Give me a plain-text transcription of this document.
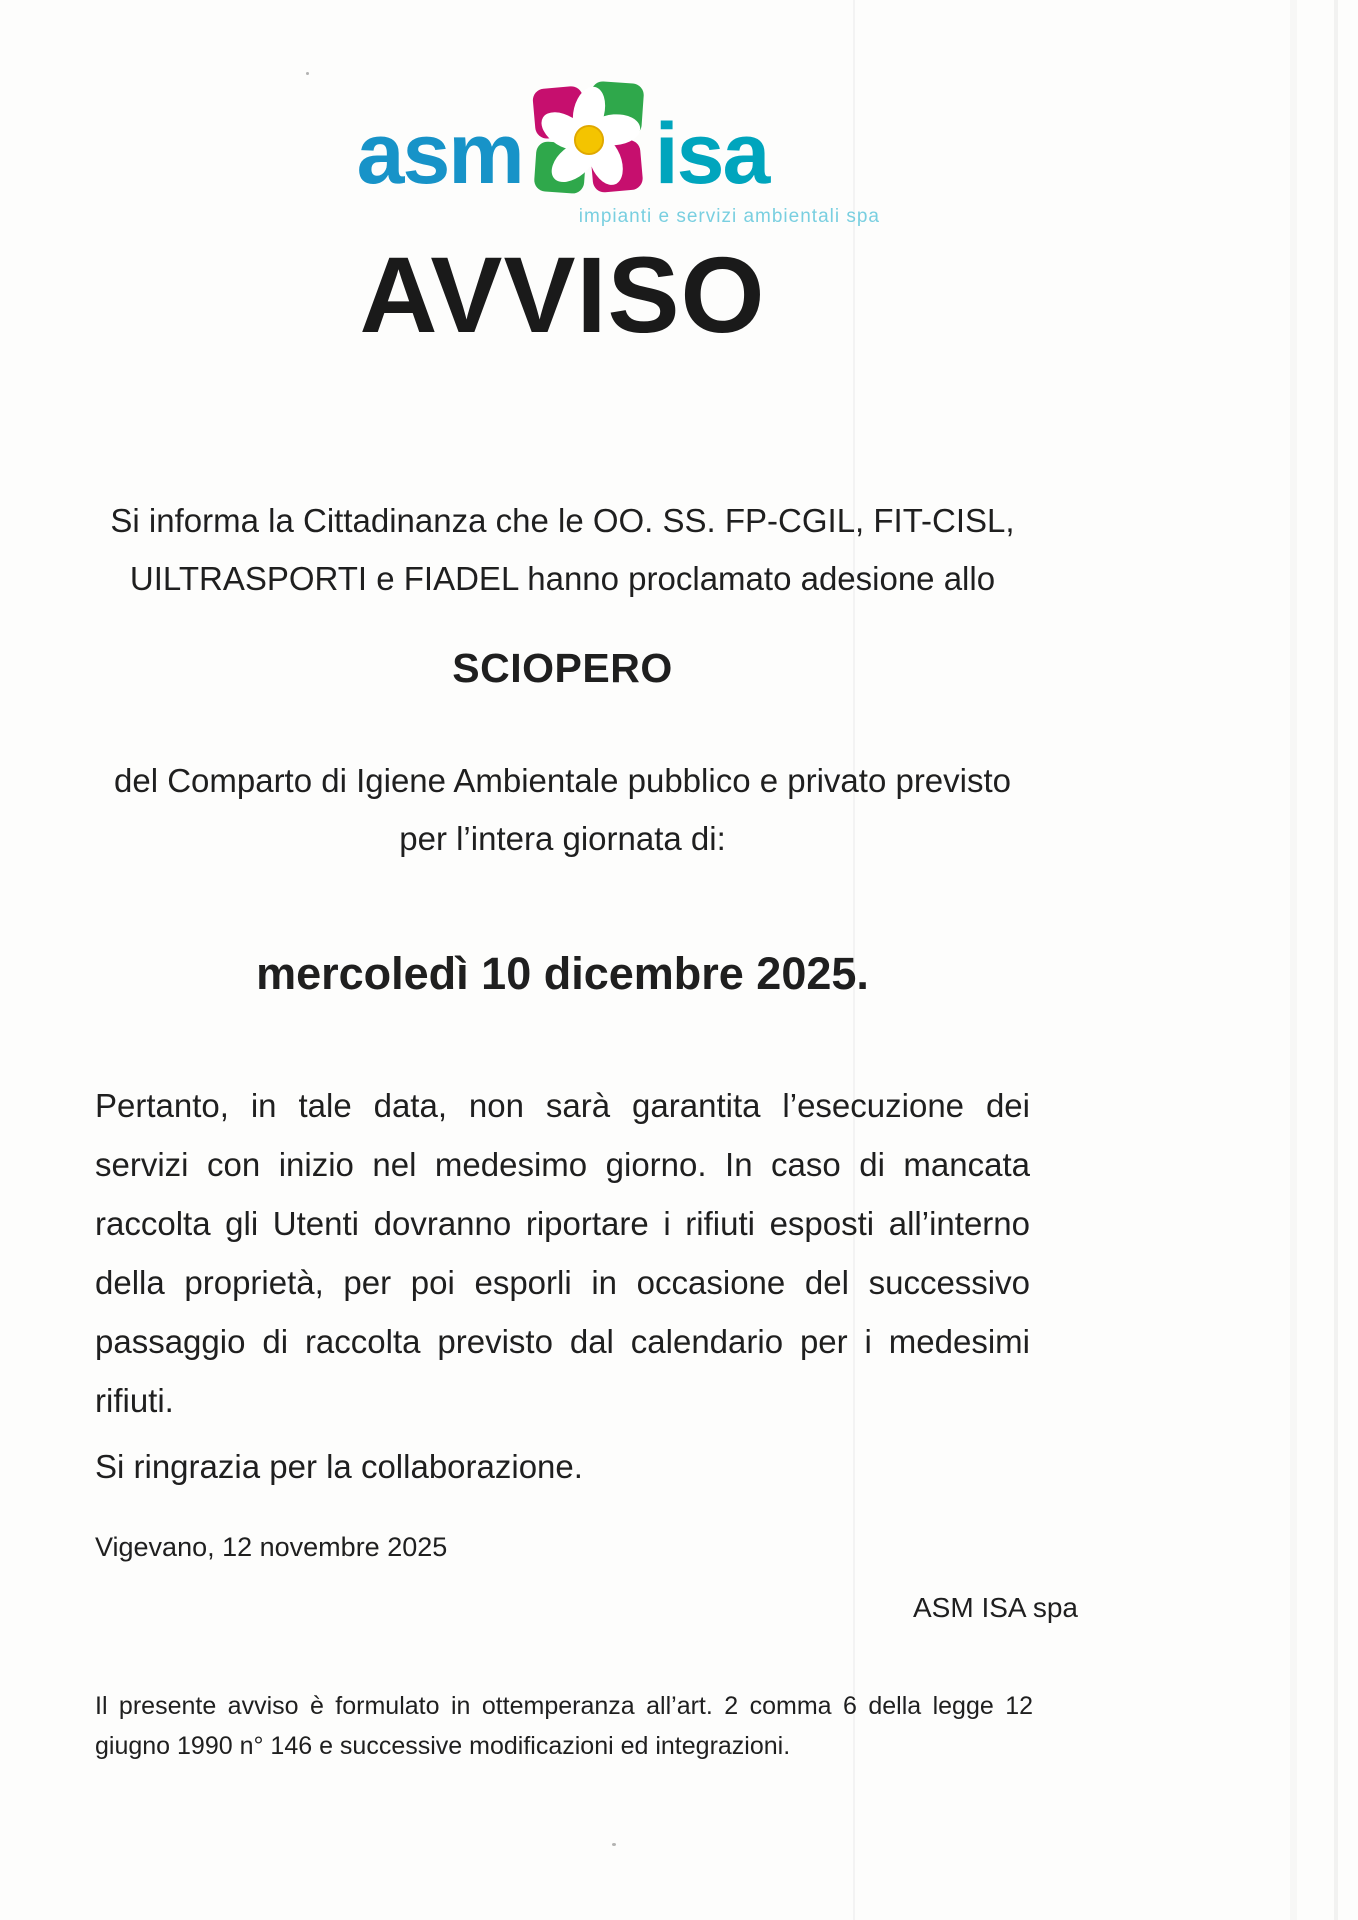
asm isa
impianti e servizi ambientali spa
AVVISO
Si informa la Cittadinanza che le OO. SS. FP-CGIL, FIT-CISL, UILTRASPORTI e FIADEL hanno proclamato adesione allo
SCIOPERO
del Comparto di Igiene Ambientale pubblico e privato previsto per l’intera giornata di:
mercoledì 10 dicembre 2025.
Pertanto, in tale data, non sarà garantita l’esecuzione dei servizi con inizio nel medesimo giorno. In caso di mancata raccolta gli Utenti dovranno riportare i rifiuti esposti all’interno della proprietà, per poi esporli in occasione del successivo passaggio di raccolta previsto dal calendario per i medesimi rifiuti.
Si ringrazia per la collaborazione.
Vigevano, 12 novembre 2025
ASM ISA spa
Il presente avviso è formulato in ottemperanza all’art. 2 comma 6 della legge 12 giugno 1990 n° 146 e successive modificazioni ed integrazioni.
